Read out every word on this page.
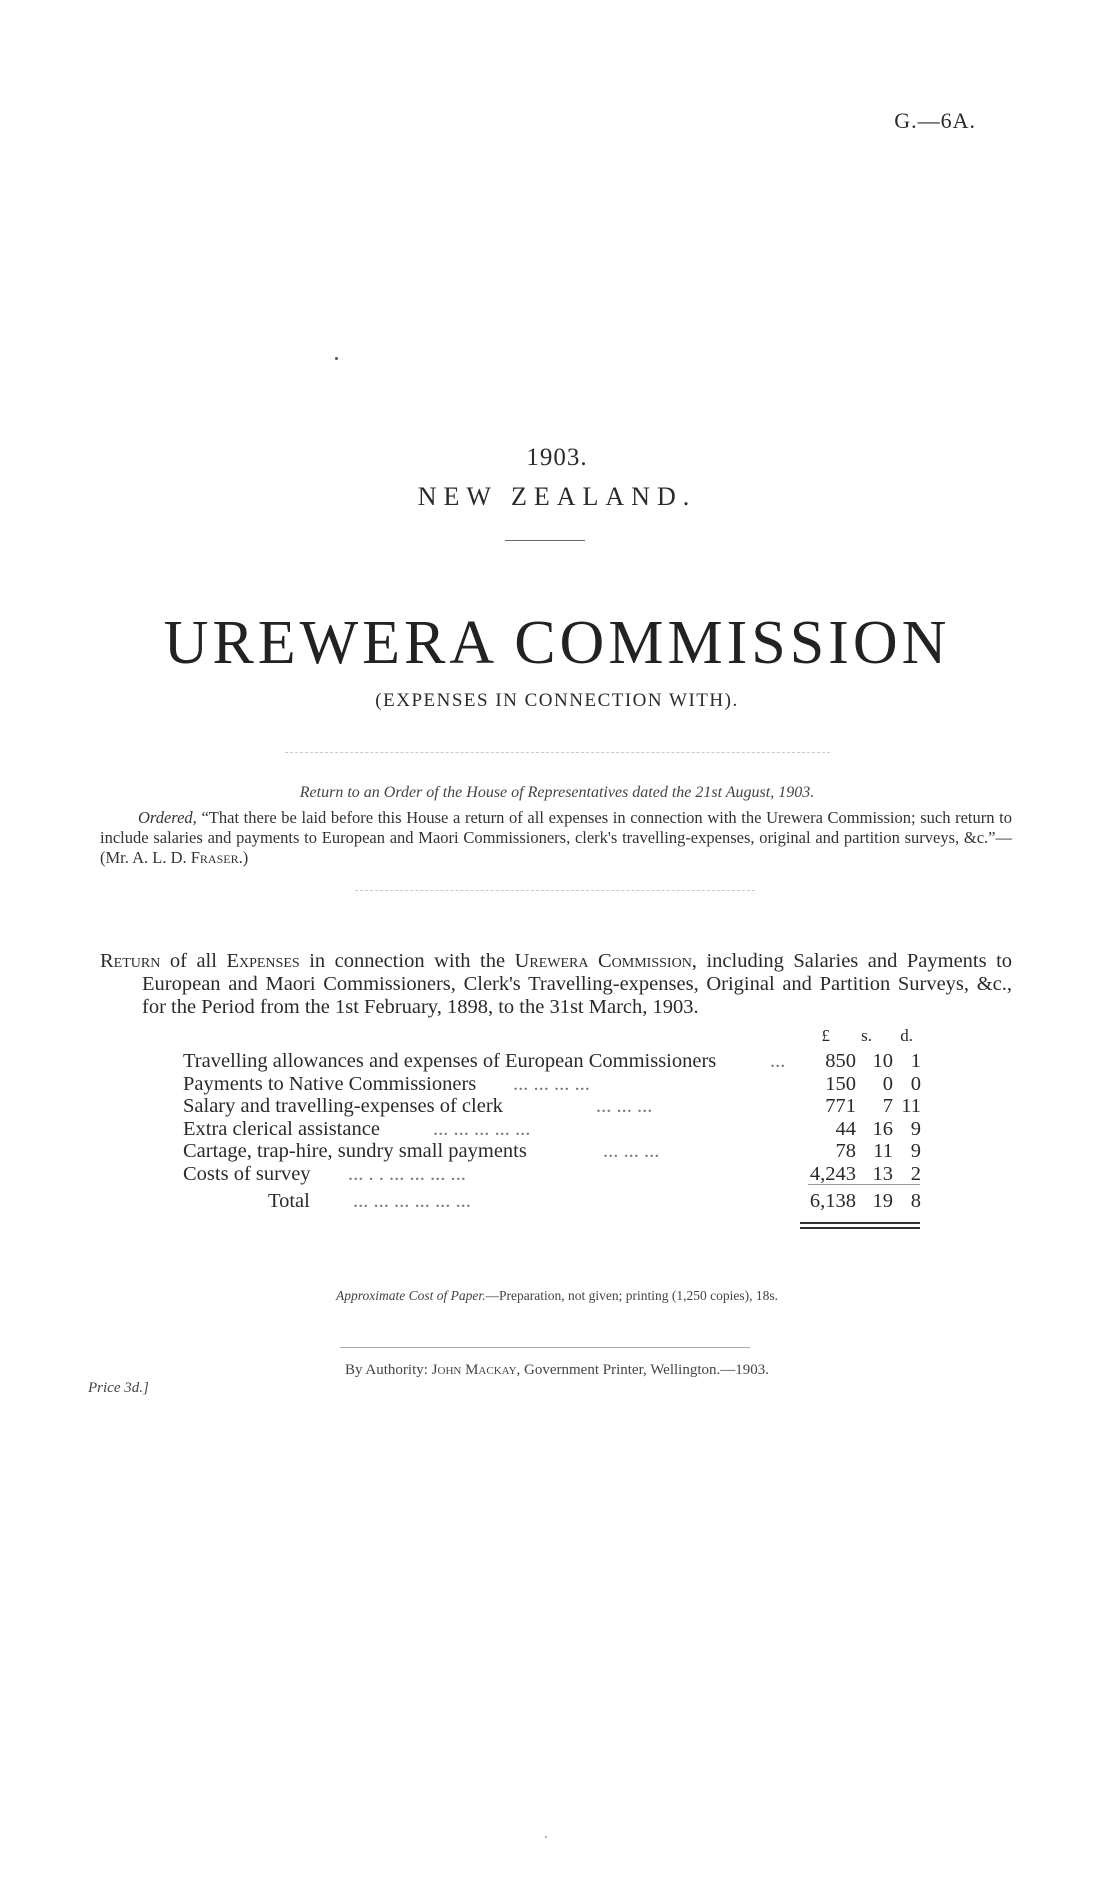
G.—6A.
1903.
NEW ZEALAND.
UREWERA COMMISSION
(EXPENSES IN CONNECTION WITH).
Return to an Order of the House of Representatives dated the 21st August, 1903.
Ordered, “That there be laid before this House a return of all expenses in connection with the Urewera Commission; such return to include salaries and payments to European and Maori Commissioners, clerk's travelling-expenses, original and partition surveys, &c.”—(Mr. A. L. D. Fraser.)
Return of all Expenses in connection with the Urewera Commission, including Salaries and Payments to European and Maori Commissioners, Clerk's Travelling-expenses, Original and Partition Surveys, &c., for the Period from the 1st February, 1898, to the 31st March, 1903.
£	s.	d.
Travelling allowances and expenses of European Commissioners	...	850 10 1
Payments to Native Commissioners ... ... ... ...	150	0 0
Salary and travelling-expenses of clerk	... ... ...	771	7 11
Extra clerical assistance	... ... ... ... ...	44 16 9
Cartage, trap-hire, sundry small payments	... ... ...	78 11 9
Costs of survey ... . . ... ... ... ...	4,243 13 2
Total ... ... ... ... ... ...	6,138 19 8
Approximate Cost of Paper.—Preparation, not given; printing (1,250 copies), 18s.
By Authority: John Mackay, Government Printer, Wellington.—1903.
Price 3d.]
